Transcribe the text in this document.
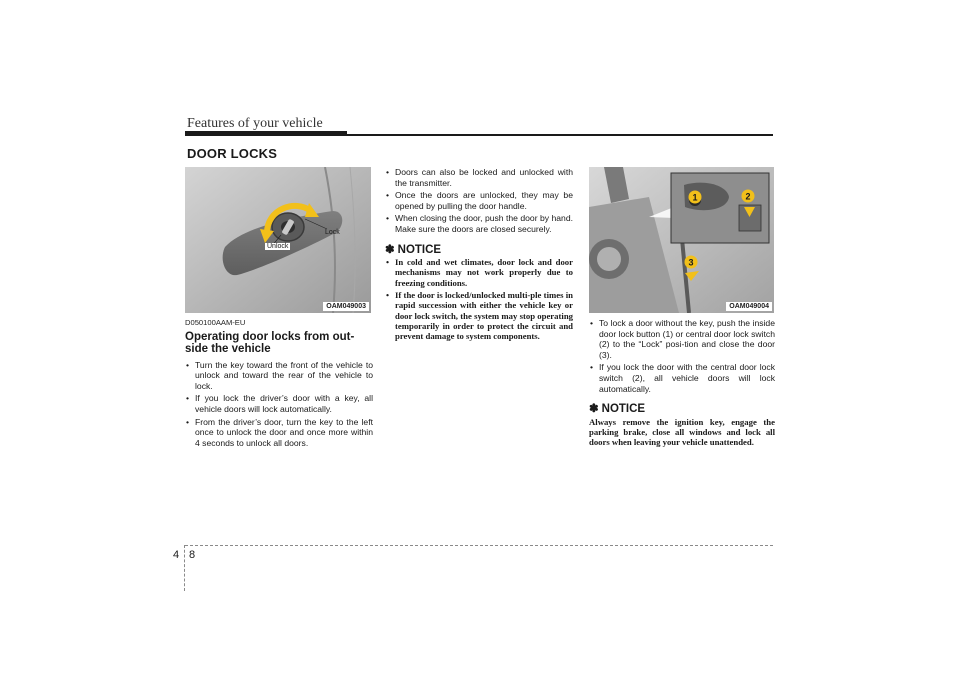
Features of your vehicle
DOOR LOCKS
Unlock
Lock
OAM049003
1	2
3
OAM049004
D050100AAM-EU
Operating door locks from out-side the vehicle
• Turn the key toward the front of the vehicle to unlock and toward the rear of the vehicle to lock.
• If you lock the driver’s door with a key, all vehicle doors will lock automatically.
• From the driver’s door, turn the key to the left once to unlock the door and once more within 4 seconds to unlock all doors.
• Doors can also be locked and unlocked with the transmitter.
• Once the doors are unlocked, they may be opened by pulling the door handle.
• When closing the door, push the door by hand. Make sure the doors are closed securely.
✽ NOTICE
• In cold and wet climates, door lock and door mechanisms may not work properly due to freezing conditions.
• If the door is locked/unlocked multi-ple times in rapid succession with either the vehicle key or door lock switch, the system may stop operating temporarily in order to protect the circuit and prevent damage to system components.
• To lock a door without the key, push the inside door lock button (1) or central door lock switch (2) to the “Lock” posi-tion and close the door (3).
• If you lock the door with the central door lock switch (2), all vehicle doors will lock automatically.
✽ NOTICE

Always remove the ignition key, engage the parking brake, close all windows and lock all doors when leaving your vehicle unattended.

4 8
